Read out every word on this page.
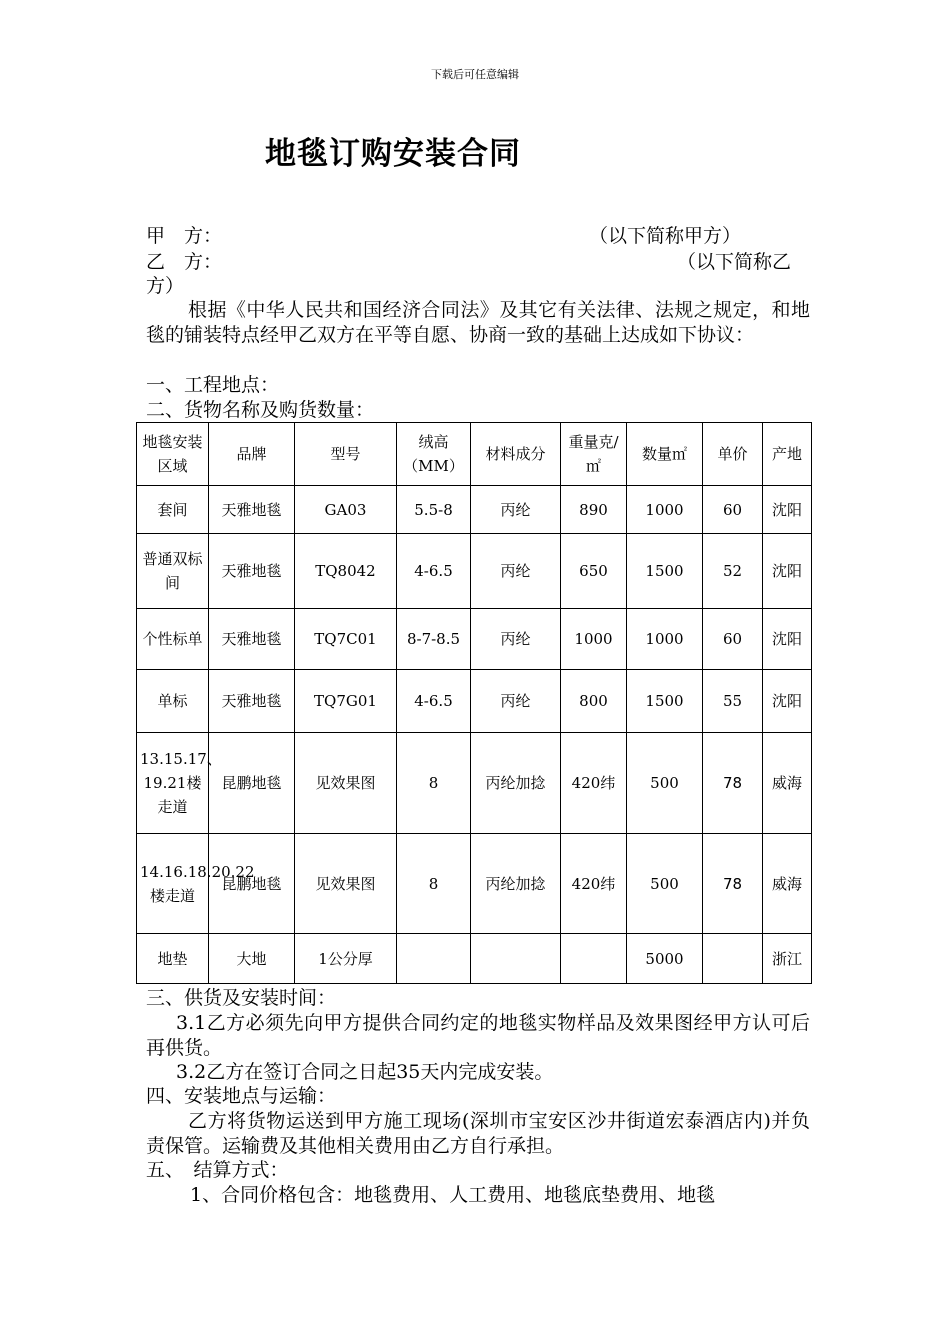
下载后可任意编辑
地毯订购安装合同
甲　方：	（以下简称甲方）
乙　方：	（以下简称乙
方）
根据《中华人民共和国经济合同法》及其它有关法律、法规之规定，和地毯的铺装特点经甲乙双方在平等自愿、协商一致的基础上达成如下协议：
一、工程地点：
二、货物名称及购货数量：
地毯安装区域	品牌	型号	绒高（MM）	材料成分	重量克/㎡	数量㎡	单价	产地
套间	天雅地毯	GA03	5.5-8	丙纶	890	1000	60	沈阳
普通双标间	天雅地毯	TQ8042	4-6.5	丙纶	650	1500	52	沈阳
个性标单	天雅地毯	TQ7C01	8-7-8.5	丙纶	1000	1000	60	沈阳
单标	天雅地毯	TQ7G01	4-6.5	丙纶	800	1500	55	沈阳
13.15.17、19.21楼走道	昆鹏地毯	见效果图	8	丙纶加捻	420纬	500	78	威海
14.16.18.20.22楼走道	昆鹏地毯	见效果图	8	丙纶加捻	420纬	500	78	威海
地垫	大地	1公分厚				5000		浙江
三、供货及安装时间：
3.1乙方必须先向甲方提供合同约定的地毯实物样品及效果图经甲方认可后再供货。
3.2乙方在签订合同之日起35天内完成安装。
四、安装地点与运输：
乙方将货物运送到甲方施工现场(深圳市宝安区沙井街道宏泰酒店内)并负责保管。运输费及其他相关费用由乙方自行承担。
五、　结算方式：
1、合同价格包含：地毯费用、人工费用、地毯底垫费用、地毯
